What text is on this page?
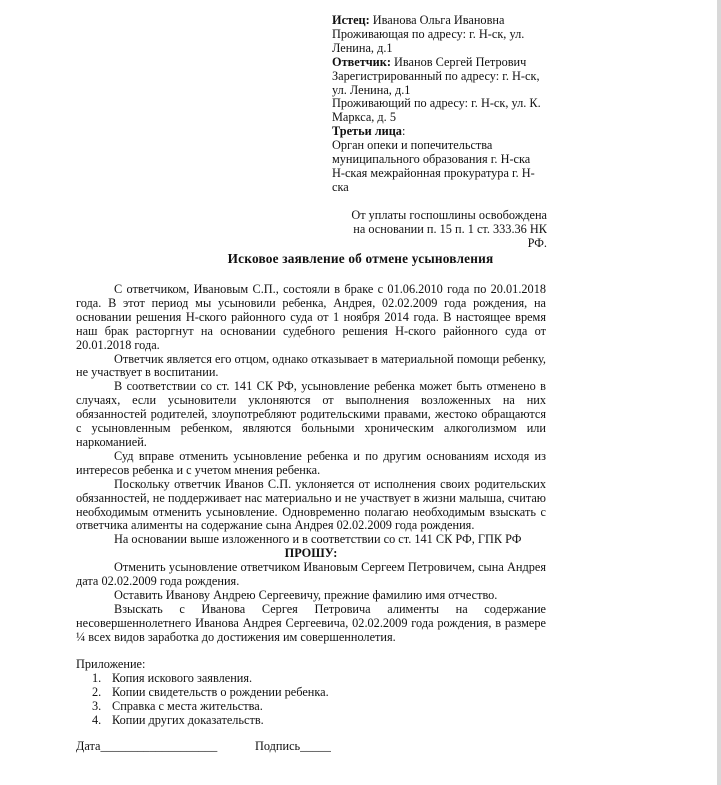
Истец: Иванова Ольга Ивановна
Проживающая по адресу: г. Н-ск, ул.
Ленина, д.1
Ответчик: Иванов Сергей Петрович
Зарегистрированный по адресу: г. Н-ск,
ул. Ленина, д.1
Проживающий по адресу: г. Н-ск, ул. К.
Маркса, д. 5
Третьи лица:
Орган опеки и попечительства
муниципального образования г. Н-ска
Н-ская межрайонная прокуратура г. Н-
ска
От уплаты госпошлины освобождена
на основании п. 15 п. 1 ст. 333.36 НК РФ.
Исковое заявление об отмене усыновления
С ответчиком, Ивановым С.П., состояли в браке с 01.06.2010 года по 20.01.2018 года. В этот период мы усыновили ребенка, Андрея, 02.02.2009 года рождения, на основании решения Н-ского районного суда от 1 ноября 2014 года. В настоящее время наш брак расторгнут на основании судебного решения Н-ского районного суда от 20.01.2018 года.
Ответчик является его отцом, однако отказывает в материальной помощи ребенку, не участвует в воспитании.
В соответствии со ст. 141 СК РФ, усыновление ребенка может быть отменено в случаях, если усыновители уклоняются от выполнения возложенных на них обязанностей родителей, злоупотребляют родительскими правами, жестоко обращаются с усыновленным ребенком, являются больными хроническим алкоголизмом или наркоманией.
Суд вправе отменить усыновление ребенка и по другим основаниям исходя из интересов ребенка и с учетом мнения ребенка.
Поскольку ответчик Иванов С.П. уклоняется от исполнения своих родительских обязанностей, не поддерживает нас материально и не участвует в жизни малыша, считаю необходимым отменить усыновление. Одновременно полагаю необходимым взыскать с ответчика алименты на содержание сына Андрея 02.02.2009 года рождения.
На основании выше изложенного и в соответствии со ст. 141 СК РФ, ГПК РФ
ПРОШУ:
Отменить усыновление ответчиком Ивановым Сергеем Петровичем, сына Андрея дата 02.02.2009 года рождения.
Оставить Иванову Андрею Сергеевичу, прежние фамилию имя отчество.
Взыскать с Иванова Сергея Петровича алименты на содержание несовершеннолетнего Иванова Андрея Сергеевича, 02.02.2009 года рождения, в размере ¼ всех видов заработка до достижения им совершеннолетия.
Приложение:
1. Копия искового заявления.
2. Копии свидетельств о рождении ребенка.
3. Справка с места жительства.
4. Копии других доказательств.
Дата___________________	Подпись_____
